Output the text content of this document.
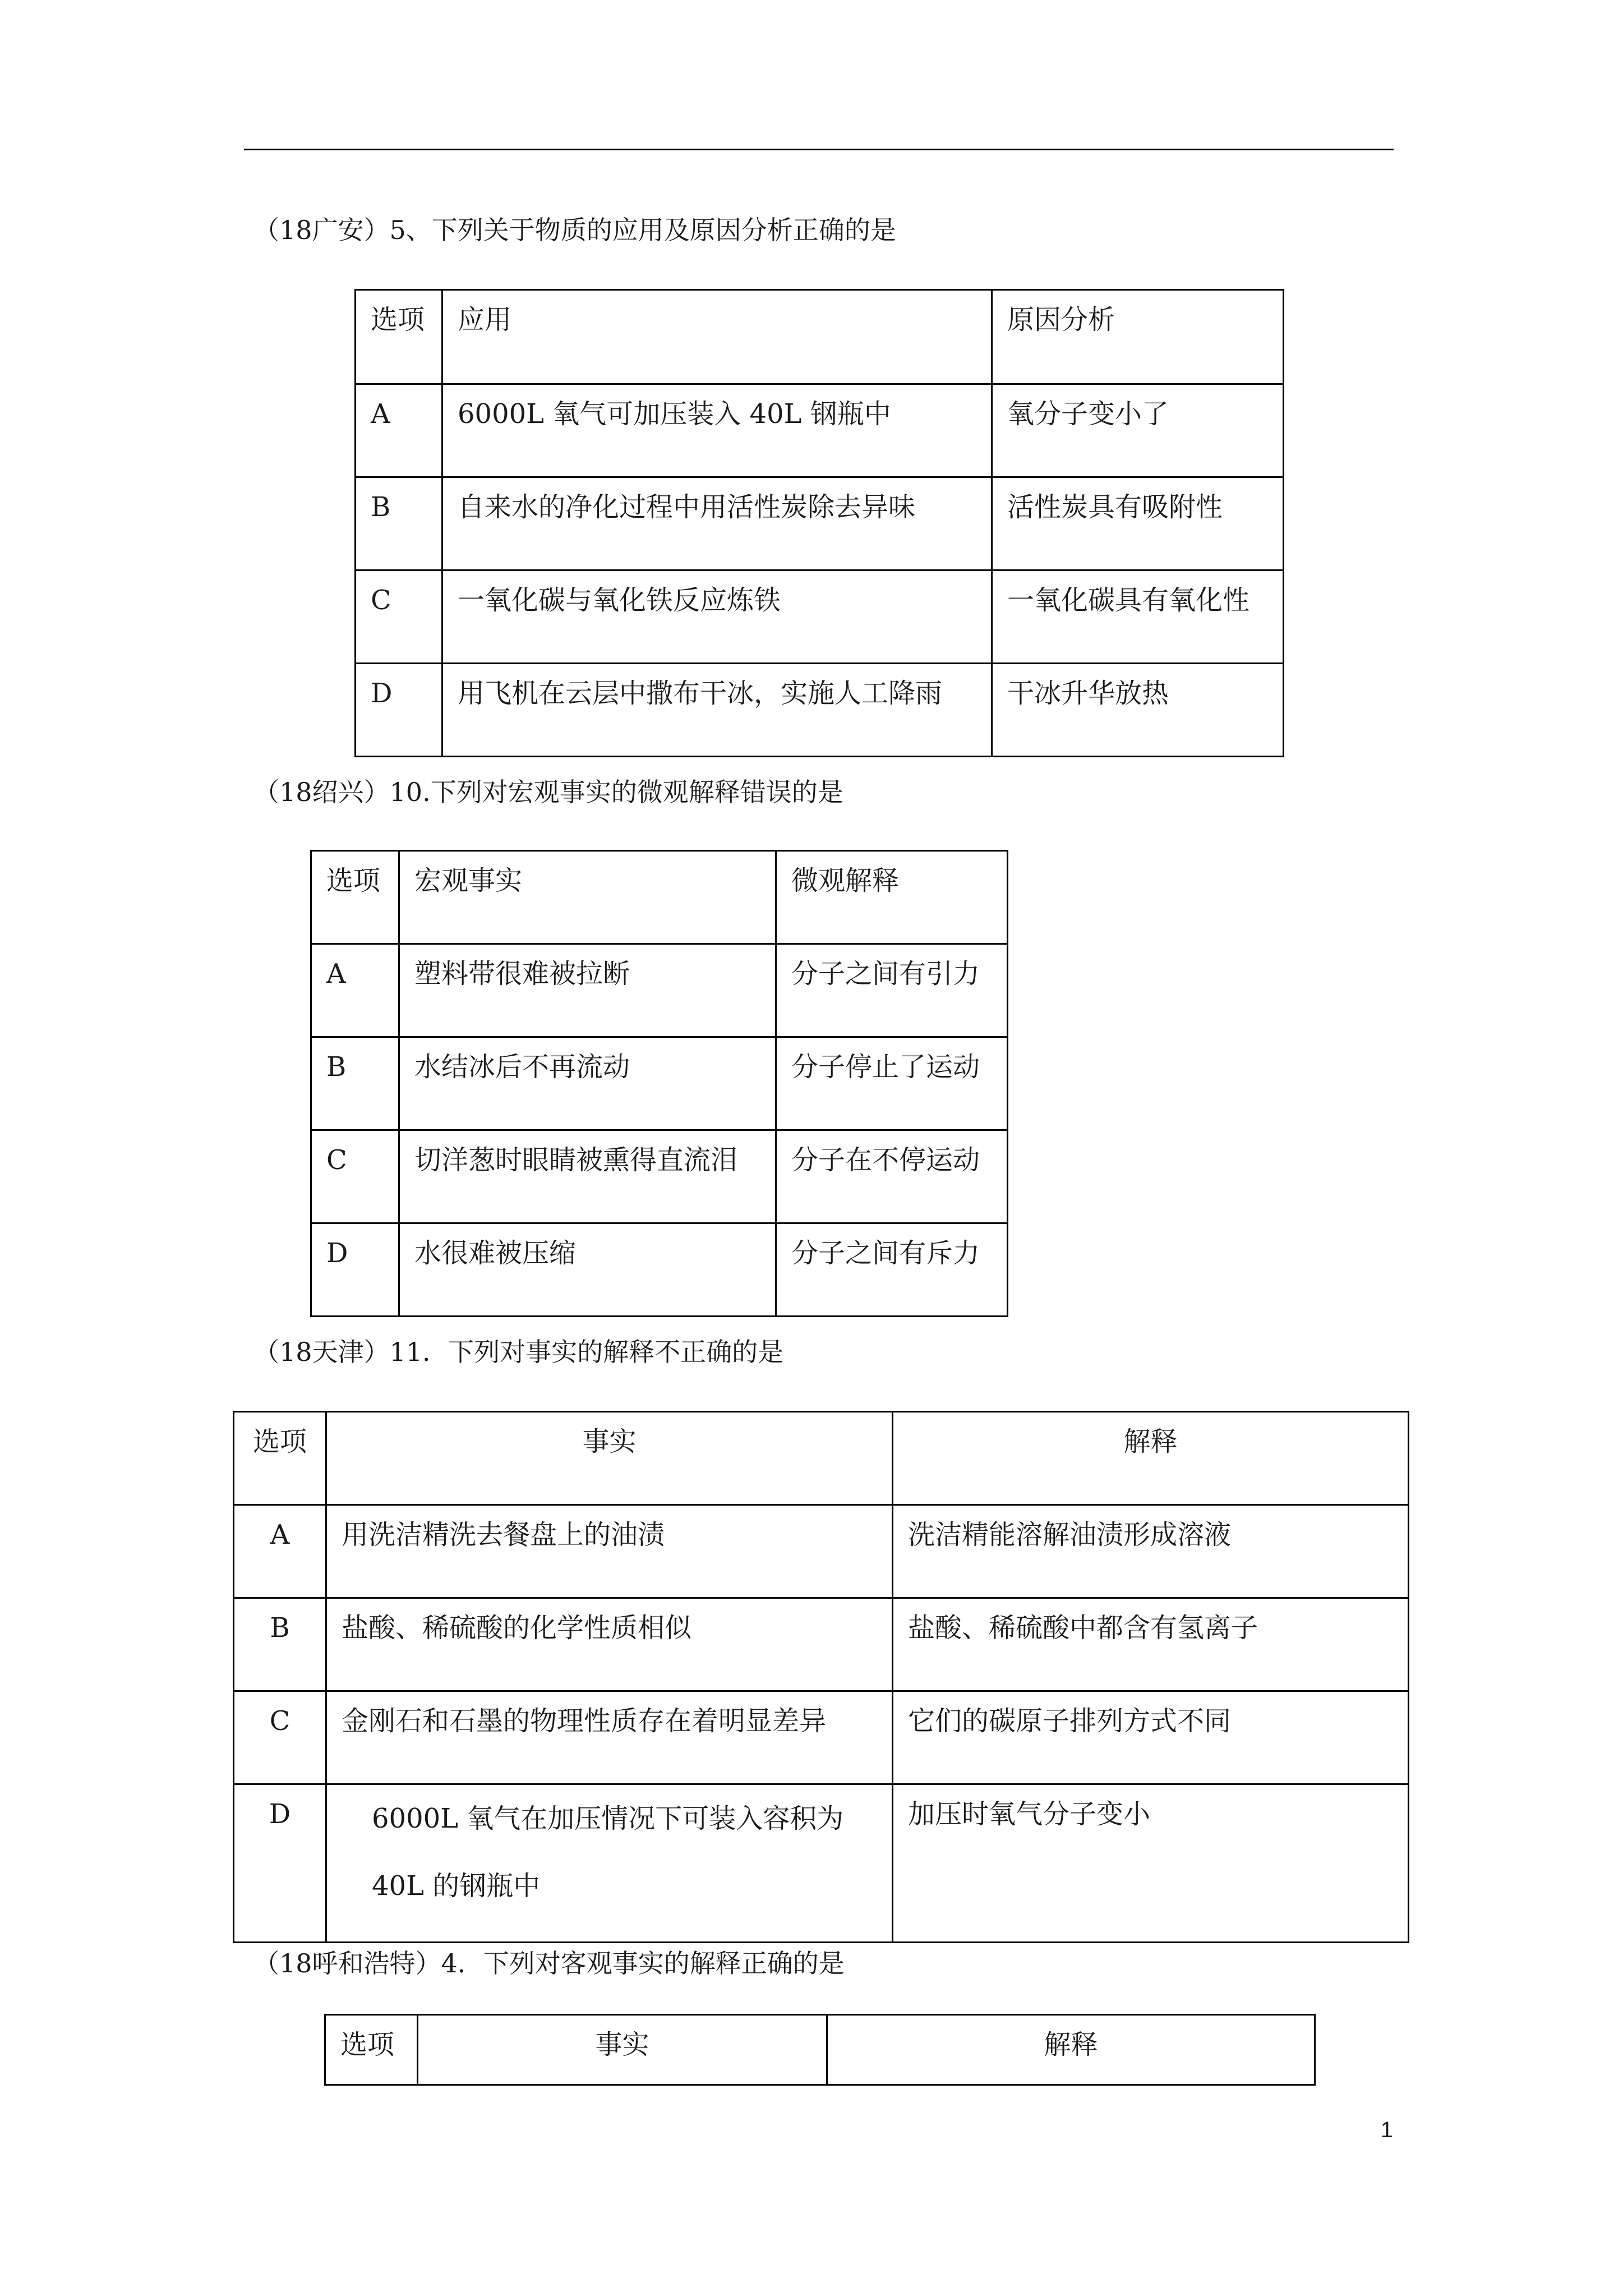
（18广安）5、下列关于物质的应用及原因分析正确的是
选项	应用	原因分析
A	6000L 氧气可加压装入 40L 钢瓶中	氧分子变小了
B	自来水的净化过程中用活性炭除去异味	活性炭具有吸附性
C	一氧化碳与氧化铁反应炼铁	一氧化碳具有氧化性
D	用飞机在云层中撒布干冰，实施人工降雨	干冰升华放热
（18绍兴）10.下列对宏观事实的微观解释错误的是
选项	宏观事实	微观解释
A	塑料带很难被拉断	分子之间有引力
B	水结冰后不再流动	分子停止了运动
C	切洋葱时眼睛被熏得直流泪	分子在不停运动
D	水很难被压缩	分子之间有斥力
（18天津）11．下列对事实的解释不正确的是
选项	事实	解释
A	用洗洁精洗去餐盘上的油渍	洗洁精能溶解油渍形成溶液
B	盐酸、稀硫酸的化学性质相似	盐酸、稀硫酸中都含有氢离子
C	金刚石和石墨的物理性质存在着明显差异	它们的碳原子排列方式不同
D	6000L 氧气在加压情况下可装入容积为40L 的钢瓶中	加压时氧气分子变小
（18呼和浩特）4．下列对客观事实的解释正确的是
选项	事实	解释
1
